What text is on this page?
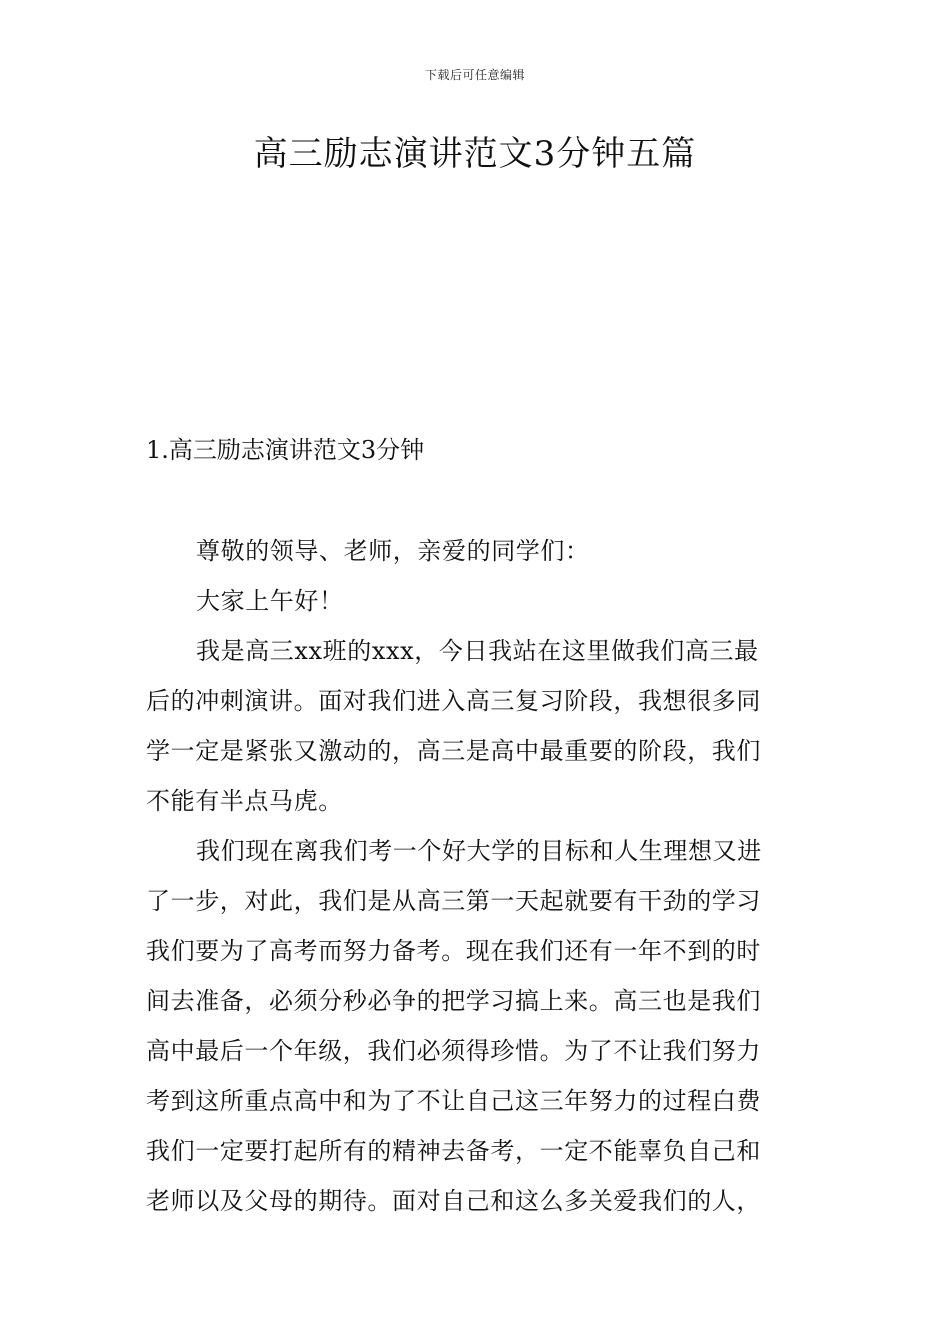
下载后可任意编辑
高三励志演讲范文3分钟五篇
1.高三励志演讲范文3分钟

尊敬的领导、老师，亲爱的同学们：

大家上午好！

我是高三xx班的xxx，今日我站在这里做我们高三最

后的冲刺演讲。面对我们进入高三复习阶段，我想很多同

学一定是紧张又激动的，高三是高中最重要的阶段，我们

不能有半点马虎。

我们现在离我们考一个好大学的目标和人生理想又进

了一步，对此，我们是从高三第一天起就要有干劲的学习

我们要为了高考而努力备考。现在我们还有一年不到的时

间去准备，必须分秒必争的把学习搞上来。高三也是我们

高中最后一个年级，我们必须得珍惜。为了不让我们努力

考到这所重点高中和为了不让自己这三年努力的过程白费

我们一定要打起所有的精神去备考，一定不能辜负自己和

老师以及父母的期待。面对自己和这么多关爱我们的人，
